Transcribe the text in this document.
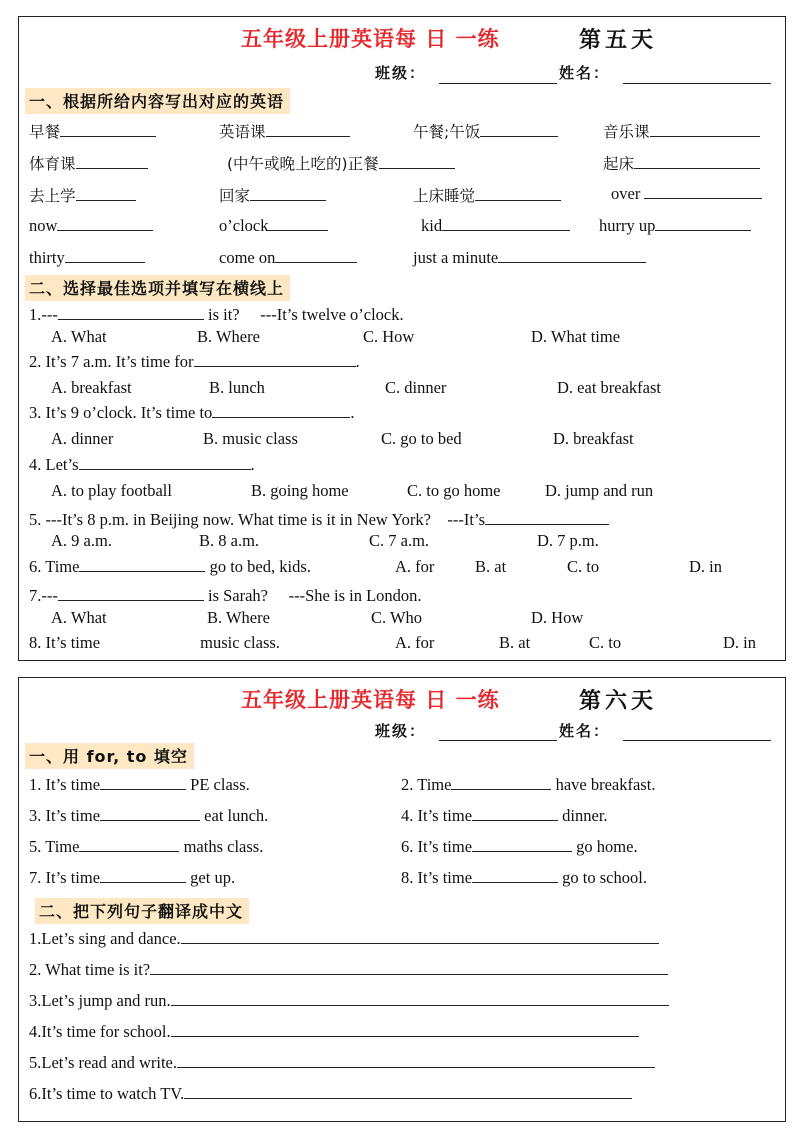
五年级上册英语每 日 一练	第五天
班级：	姓名：
一、根据所给内容写出对应的英语
早餐	英语课	午餐;午饭	音乐课
体育课	(中午或晚上吃的)正餐	起床
去上学	回家	上床睡觉	over
now	o’clock	kid	hurry up
thirty	come on	just a minute
二、选择最佳选项并填写在横线上
1.---	is it?　 ---It’s twelve o’clock.
A. What	B. Where	C. How	D. What time
2. It’s 7 a.m. It’s time for	.
A. breakfast	B. lunch	C. dinner	D. eat breakfast
3. It’s 9 o’clock. It’s time to	.
A. dinner	B. music class	C. go to bed	D. breakfast
4. Let’s	.
A. to play football	B. going home	C. to go home	D. jump and run
5. ---It’s 8 p.m. in Beijing now. What time is it in New York?　---It’s
A. 9 a.m.	B. 8 a.m.	C. 7 a.m.	D. 7 p.m.
6. Time	go to bed, kids.	A. for B. at	C. to	D. in
7.---	is Sarah?　 ---She is in London.
A. What	B. Where	C. Who	D. How
8. It’s time	music class.	A. for	B. at	C. to	D. in
五年级上册英语每 日 一练	第六天
班级：	姓名：
一、用 for, to 填空
1. It’s time	PE class.	2. Time	have breakfast.
3. It’s time	eat lunch.	4. It’s time	dinner.
5. Time	maths class.	6. It’s time	go home.
7. It’s time	get up.	8. It’s time	go to school.
二、把下列句子翻译成中文
1.Let’s sing and dance.
2. What time is it?
3.Let’s jump and run.
4.It’s time for school.
5.Let’s read and write.
6.It’s time to watch TV.
